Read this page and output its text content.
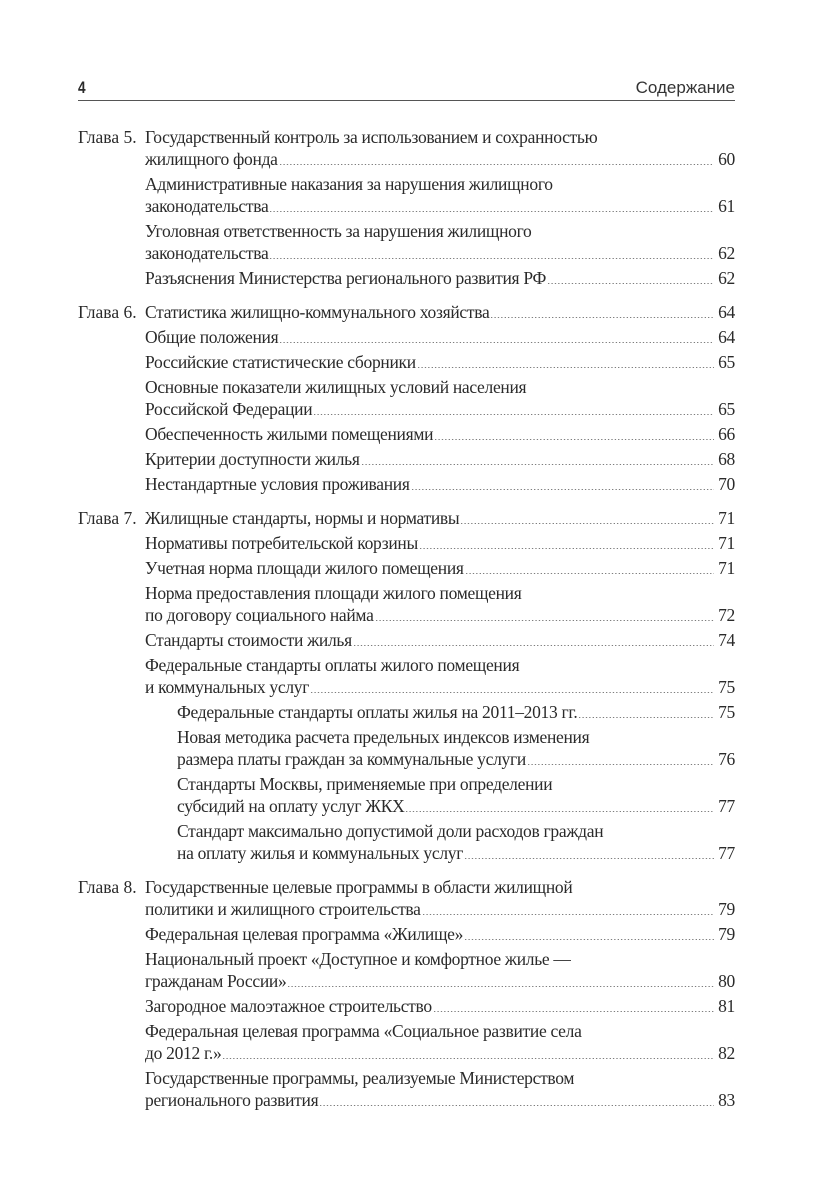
4	Содержание
Глава 5. Государственный контроль за использованием и сохранностью
жилищного фонда	60
Административные наказания за нарушения жилищного
законодательства	61
Уголовная ответственность за нарушения жилищного
законодательства	62
Разъяснения Министерства регионального развития РФ	62
Глава 6. Статистика жилищно-коммунального хозяйства	64
Общие положения	64
Российские статистические сборники	65
Основные показатели жилищных условий населения
Российской Федерации	65
Обеспеченность жилыми помещениями	66
Критерии доступности жилья	68
Нестандартные условия проживания	70
Глава 7. Жилищные стандарты, нормы и нормативы	71
Нормативы потребительской корзины	71
Учетная норма площади жилого помещения	71
Норма предоставления площади жилого помещения
по договору социального найма	72
Стандарты стоимости жилья	74
Федеральные стандарты оплаты жилого помещения
и коммунальных услуг	75
Федеральные стандарты оплаты жилья на 2011–2013 гг.	75
Новая методика расчета предельных индексов изменения
размера платы граждан за коммунальные услуги	76
Стандарты Москвы, применяемые при определении
субсидий на оплату услуг ЖКХ	77
Стандарт максимально допустимой доли расходов граждан
на оплату жилья и коммунальных услуг	77
Глава 8. Государственные целевые программы в области жилищной
политики и жилищного строительства	79
Федеральная целевая программа «Жилище»	79
Национальный проект «Доступное и комфортное жилье —
гражданам России»	80
Загородное малоэтажное строительство	81
Федеральная целевая программа «Социальное развитие села
до 2012 г.»	82
Государственные программы, реализуемые Министерством
регионального развития	83
